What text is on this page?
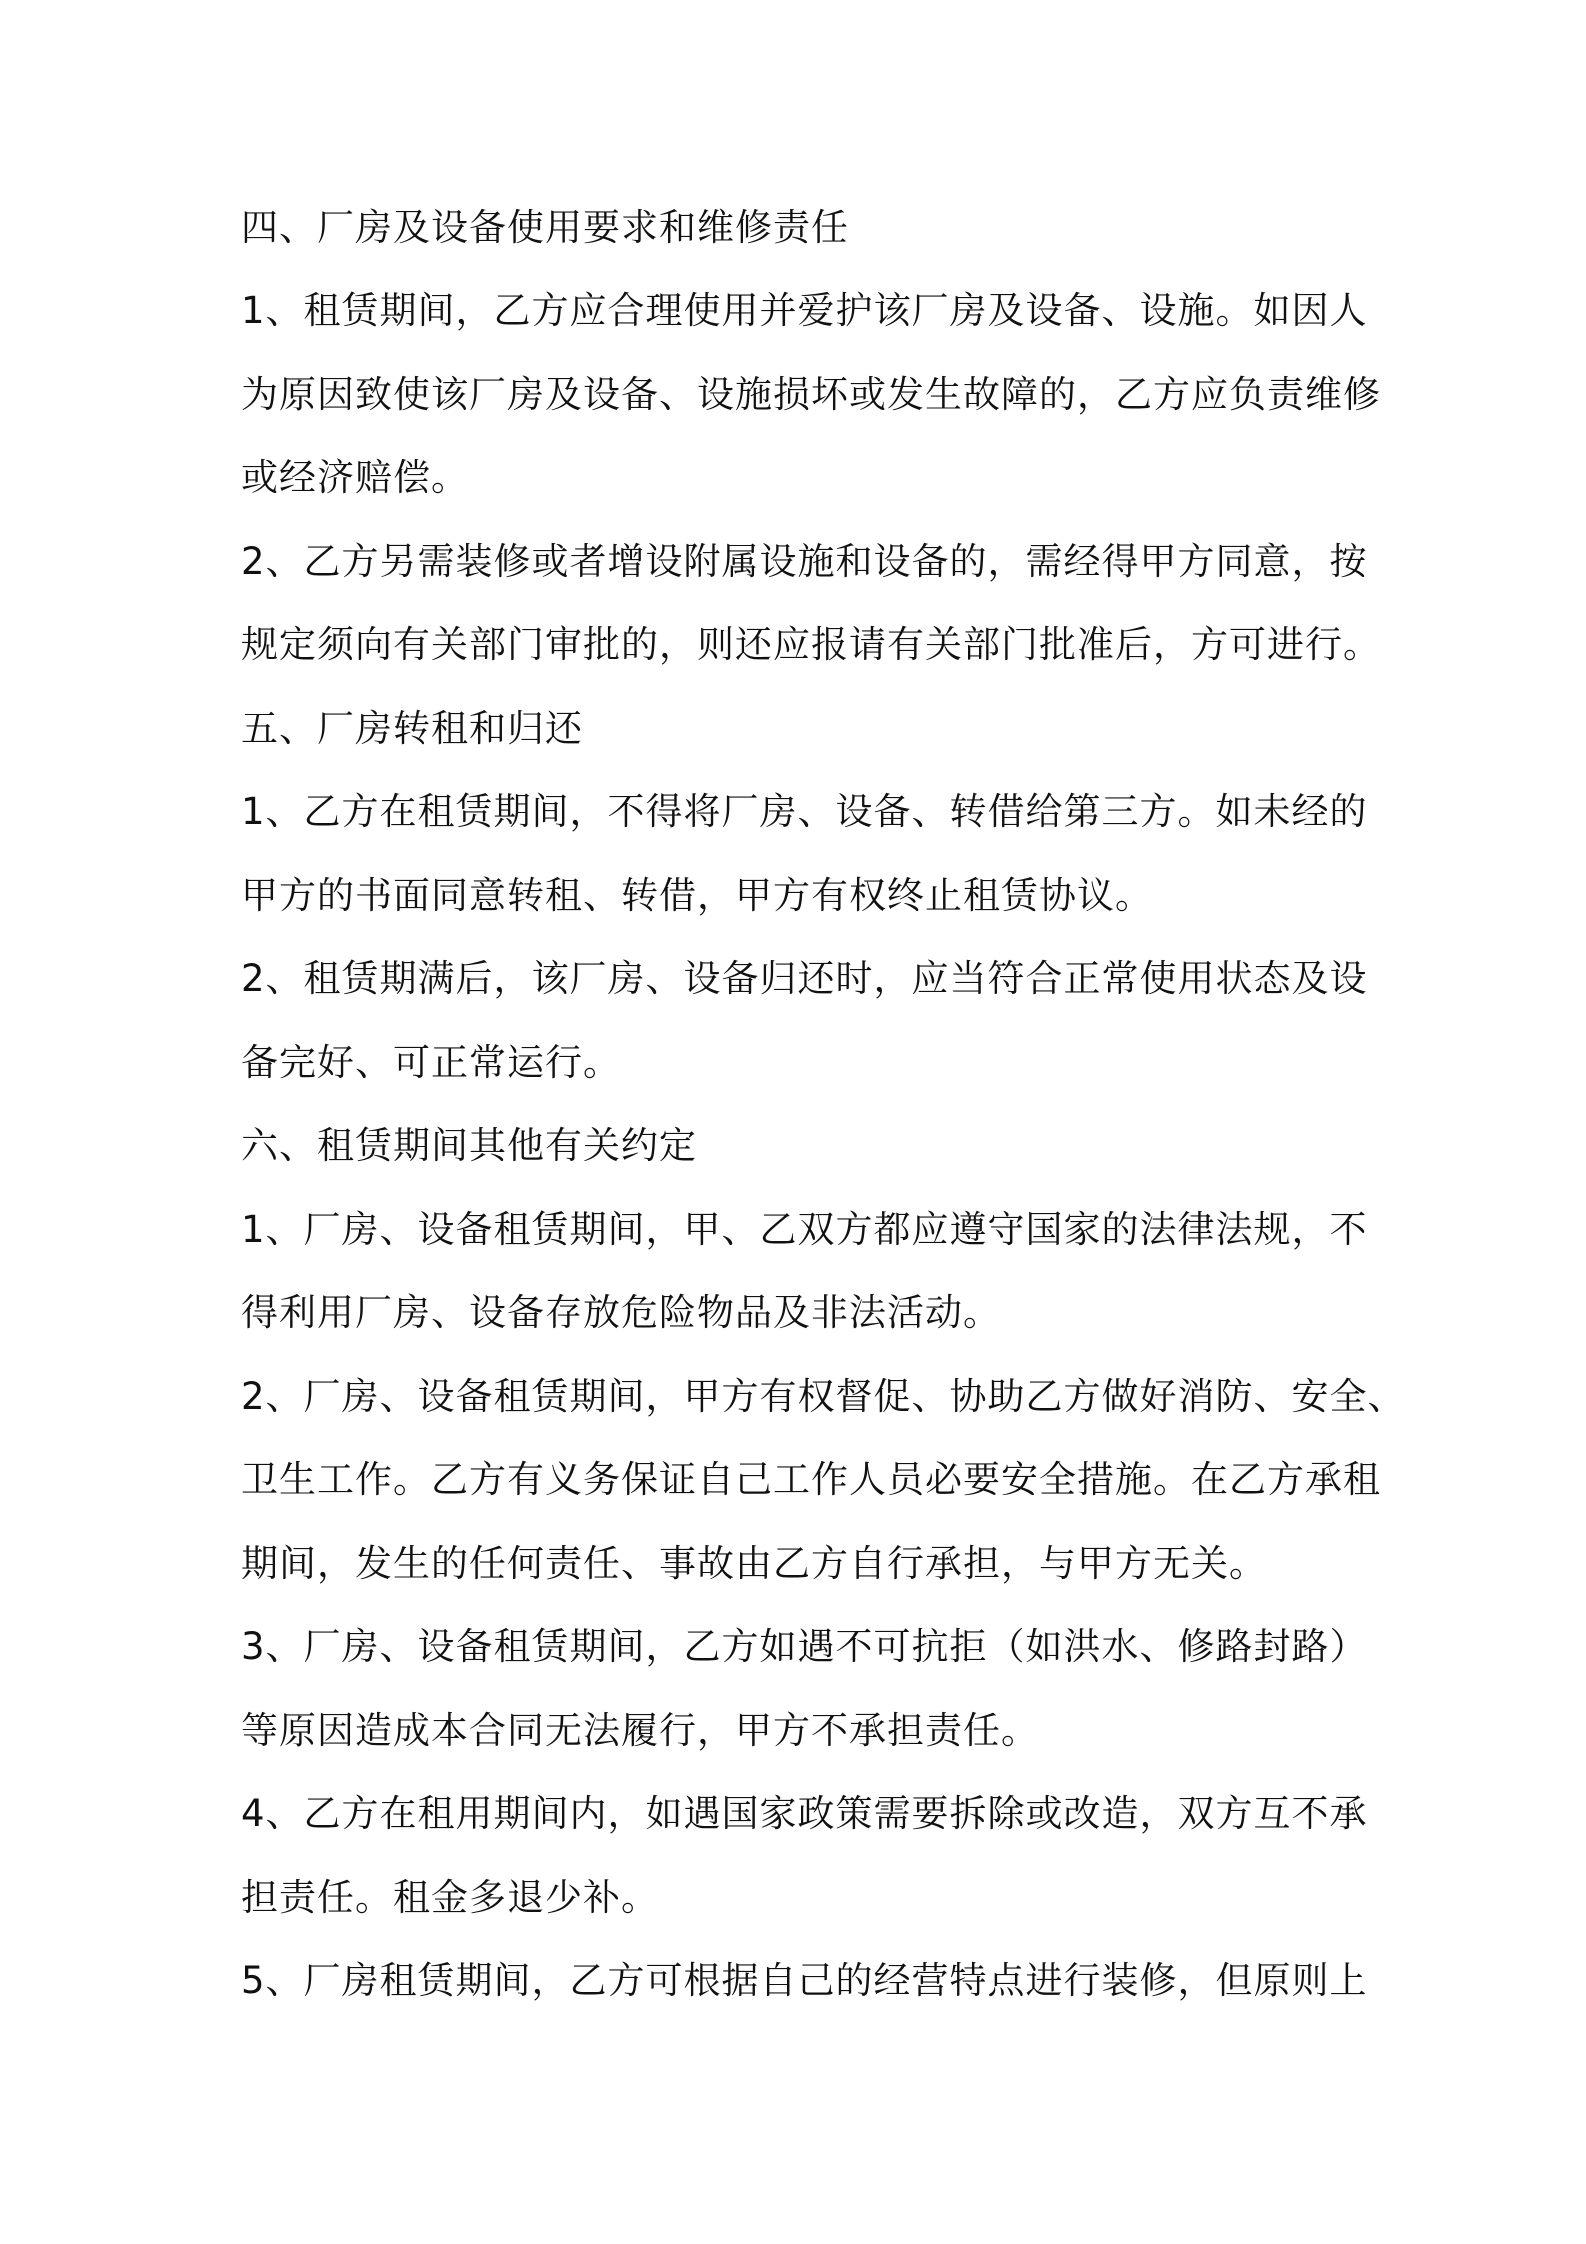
四、厂房及设备使用要求和维修责任
1、租赁期间，乙方应合理使用并爱护该厂房及设备、设施。如因人
为原因致使该厂房及设备、设施损坏或发生故障的，乙方应负责维修
或经济赔偿。
2、乙方另需装修或者增设附属设施和设备的，需经得甲方同意，按
规定须向有关部门审批的，则还应报请有关部门批准后，方可进行。
五、厂房转租和归还
1、乙方在租赁期间，不得将厂房、设备、转借给第三方。如未经的
甲方的书面同意转租、转借，甲方有权终止租赁协议。
2、租赁期满后，该厂房、设备归还时，应当符合正常使用状态及设
备完好、可正常运行。
六、租赁期间其他有关约定
1、厂房、设备租赁期间，甲、乙双方都应遵守国家的法律法规，不
得利用厂房、设备存放危险物品及非法活动。
2、厂房、设备租赁期间，甲方有权督促、协助乙方做好消防、安全、
卫生工作。乙方有义务保证自己工作人员必要安全措施。在乙方承租
期间，发生的任何责任、事故由乙方自行承担，与甲方无关。
3、厂房、设备租赁期间，乙方如遇不可抗拒（如洪水、修路封路）
等原因造成本合同无法履行，甲方不承担责任。
4、乙方在租用期间内，如遇国家政策需要拆除或改造，双方互不承
担责任。租金多退少补。
5、厂房租赁期间，乙方可根据自己的经营特点进行装修，但原则上
